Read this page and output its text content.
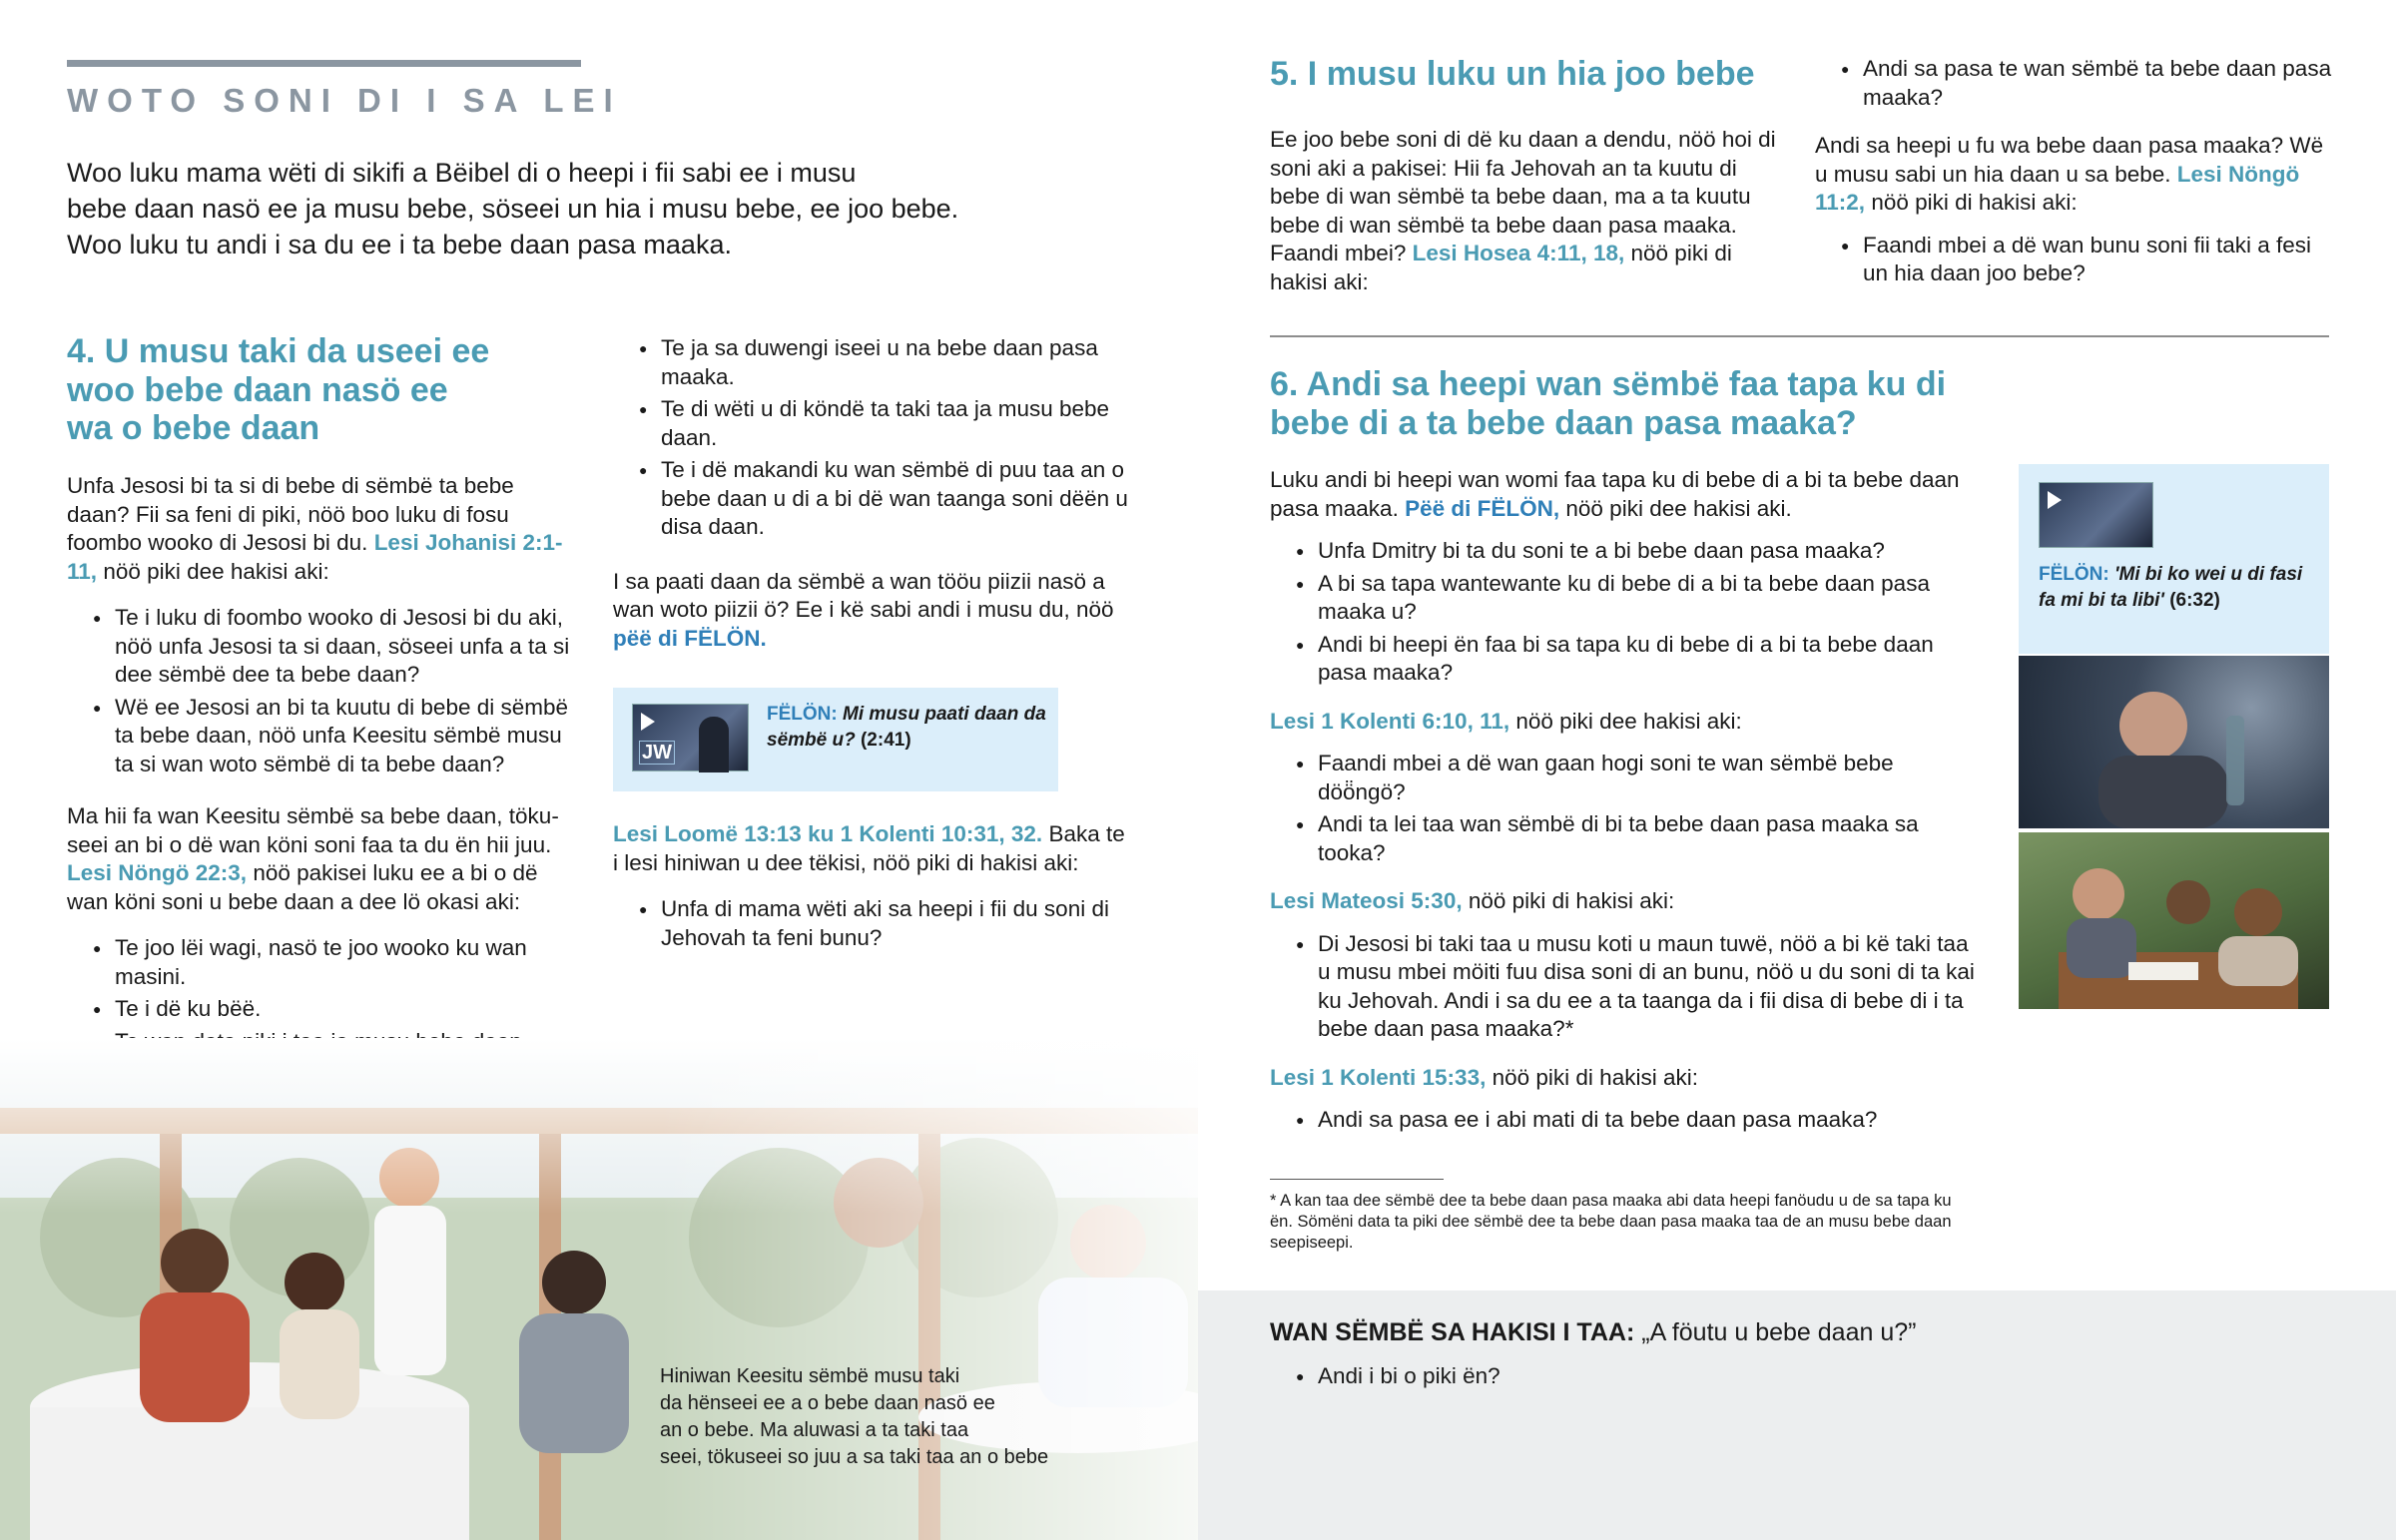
WOTO SONI DI I SA LEI
Woo luku mama wëti di sikifi a Bëibel di o heepi i fii sabi ee i musu
bebe daan nasö ee ja musu bebe, söseei un hia i musu bebe, ee joo bebe.
Woo luku tu andi i sa du ee i ta bebe daan pasa maaka.
4. U musu taki da useei ee
woo bebe daan nasö ee
wa o bebe daan

Unfa Jesosi bi ta si di bebe di sëmbë ta bebe daan? Fii sa feni di piki, nöö boo luku di fosu foombo wooko di Jesosi bi du. Lesi Johanisi 2:1-11, nöö piki dee hakisi aki:

● Te i luku di foombo wooko di Jesosi bi du aki, nöö unfa Jesosi ta si daan, söseei unfa a ta si dee sëmbë dee ta bebe daan?
● Wë ee Jesosi an bi ta kuutu di bebe di sëmbë ta bebe daan, nöö unfa Keesitu sëmbë musu ta si wan woto sëmbë di ta bebe daan?

Ma hii fa wan Keesitu sëmbë sa bebe daan, tökuseei an bi o dë wan köni soni faa ta du ën hii juu. Lesi Nöngö 22:3, nöö pakisei luku ee a bi o dë wan köni soni u bebe daan a dee lö okasi aki:

● Te joo lëi wagi, nasö te joo wooko ku wan masini.
● Te i dë ku bëë.
●
● Te ja sa duwengi iseei u na bebe daan pasa maaka.
● Te di wëti u di köndë ta taki taa ja musu bebe daan.
● Te i dë makandi ku wan sëmbë di puu taa an o bebe daan u di a bi dë wan taanga soni dëën u disa daan.

I sa paati daan da sëmbë a wan tööu piizii nasö a wan woto piizii ö? Ee i kë sabi andi i musu du, nöö pëë di FËLÖN.

JW
FËLÖN: Mi musu paati daan da sëmbë u? (2:41)

Lesi Loomë 13:13 ku 1 Kolenti 10:31, 32. Baka te i lesi hiniwan u dee tëkisi, nöö piki di hakisi aki:

● Unfa di mama wëti aki sa heepi i fii du soni di Jehovah ta feni bunu?
Hiniwan Keesitu sëmbë musu taki
da hënseei ee a o bebe daan nasö ee
an o bebe. Ma aluwasi a ta taki taa
seei, tökuseei so juu a sa taki taa an o bebe
5. I musu luku un hia joo bebe

Ee joo bebe soni di dë ku daan a dendu, nöö hoi di soni aki a pakisei: Hii fa Jehovah an ta kuutu di bebe di wan sëmbë ta bebe daan, ma a ta kuutu bebe di wan sëmbë ta bebe daan pasa maaka. Faandi mbei? Lesi Hosea 4:11, 18, nöö piki di hakisi aki:

● Andi sa pasa te wan sëmbë ta bebe daan pasa maaka?

Andi sa heepi u fu wa bebe daan pasa maaka? Wë u musu sabi un hia daan u sa bebe. Lesi Nöngö 11:2, nöö piki di hakisi aki:

● Faandi mbei a dë wan bunu soni fii taki a fesi un hia daan joo bebe?
6. Andi sa heepi wan sëmbë faa tapa ku di
bebe di a ta bebe daan pasa maaka?

Luku andi bi heepi wan womi faa tapa ku di bebe di a bi ta bebe daan pasa maaka. Pëë di FËLÖN, nöö piki dee hakisi aki.

● Unfa Dmitry bi ta du soni te a bi bebe daan pasa maaka?
● A bi sa tapa wantewante ku di bebe di a bi ta bebe daan pasa maaka u?
● Andi bi heepi ën faa bi sa tapa ku di bebe di a bi ta bebe daan pasa maaka?

Lesi 1 Kolenti 6:10, 11, nöö piki dee hakisi aki:

● Faandi mbei a dë wan gaan hogi soni te wan sëmbë bebe döö̈ngö?
● Andi ta lei taa wan sëmbë di bi ta bebe daan pasa maaka sa tooka?

Lesi Mateosi 5:30, nöö piki di hakisi aki:

● Di Jesosi bi taki taa u musu koti u maun tuwë, nöö a bi kë taki taa u musu mbei möiti fuu disa soni di an bunu, nöö u du soni di ta kai ku Jehovah. Andi i sa du ee a ta taanga da i fii disa di bebe di i ta bebe daan pasa maaka?*

Lesi 1 Kolenti 15:33, nöö piki di hakisi aki:

● Andi sa pasa ee i abi mati di ta bebe daan pasa maaka?
* A kan taa dee sëmbë dee ta bebe daan pasa maaka abi data heepi fanöudu u de sa tapa ku ën. Sömëni data ta piki dee sëmbë dee ta bebe daan pasa maaka taa de an musu bebe daan seepiseepi.
FËLÖN: 'Mi bi ko wei u di fasi fa mi bi ta libi' (6:32)
WAN SËMBË SA HAKISI I TAA: „A föutu u bebe daan u?”
● Andi i bi o piki ën?
